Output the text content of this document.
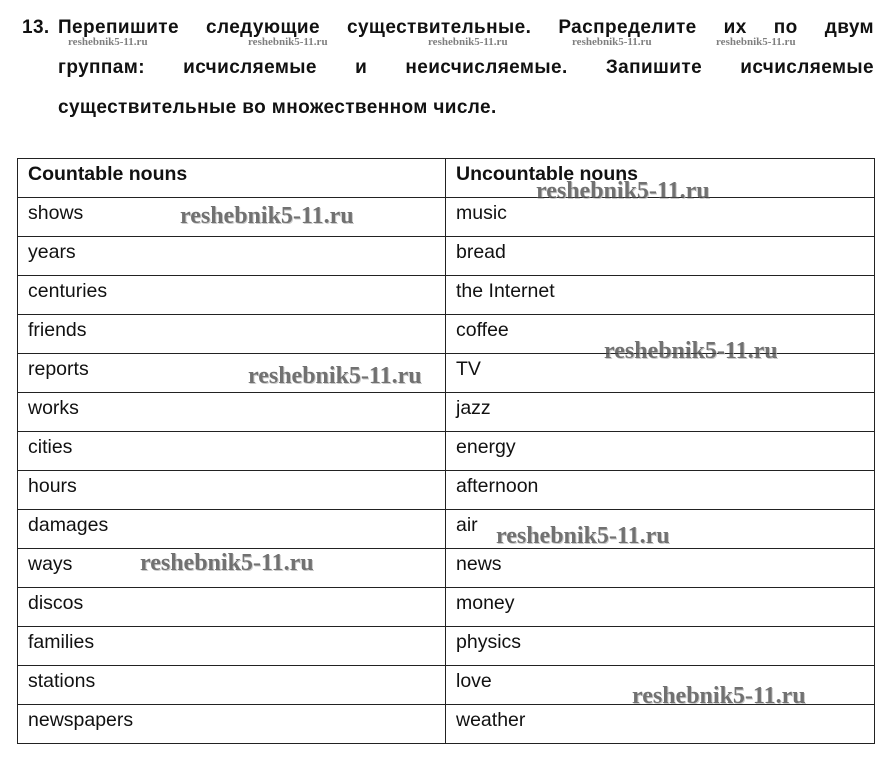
13. Перепишите следующие существительные. Распределите их по двум
группам: исчисляемые и неисчисляемые. Запишите исчисляемые
существительные во множественном числе.
Countable nouns	Uncountable nouns
shows	music
years	bread
centuries	the Internet
friends	coffee
reports	TV
works	jazz
cities	energy
hours	afternoon
damages	air
ways	news
discos	money
families	physics
stations	love
newspapers	weather
reshebnik5-11.ru	reshebnik5-11.ru	reshebnik5-11.ru	reshebnik5-11.ru	reshebnik5-11.ru
reshebnik5-11.ru
reshebnik5-11.ru
reshebnik5-11.ru
reshebnik5-11.ru
reshebnik5-11.ru
reshebnik5-11.ru
reshebnik5-11.ru
